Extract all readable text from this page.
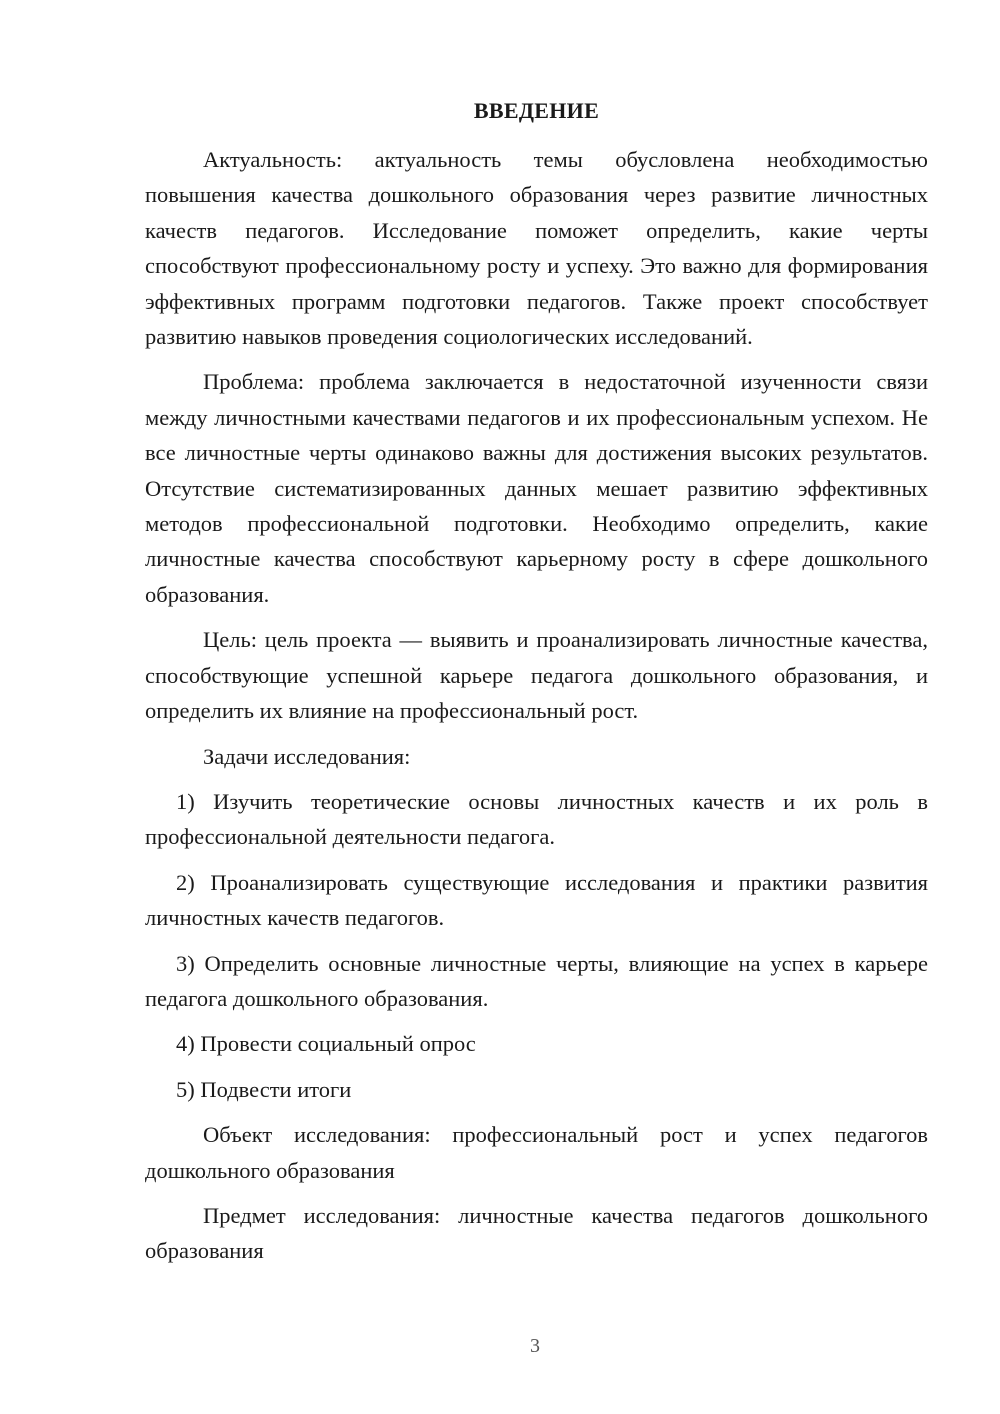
ВВЕДЕНИЕ

Актуальность: актуальность темы обусловлена необходимостью повышения качества дошкольного образования через развитие личностных качеств педагогов. Исследование поможет определить, какие черты способствуют профессиональному росту и успеху. Это важно для формирования эффективных программ подготовки педагогов. Также проект способствует развитию навыков проведения социологических исследований.

Проблема: проблема заключается в недостаточной изученности связи между личностными качествами педагогов и их профессиональным успехом. Не все личностные черты одинаково важны для достижения высоких результатов. Отсутствие систематизированных данных мешает развитию эффективных методов профессиональной подготовки. Необходимо определить, какие личностные качества способствуют карьерному росту в сфере дошкольного образования.

Цель: цель проекта — выявить и проанализировать личностные качества, способствующие успешной карьере педагога дошкольного образования, и определить их влияние на профессиональный рост.

Задачи исследования:

1) Изучить теоретические основы личностных качеств и их роль в профессиональной деятельности педагога.

2) Проанализировать существующие исследования и практики развития личностных качеств педагогов.

3) Определить основные личностные черты, влияющие на успех в карьере педагога дошкольного образования.

4) Провести социальный опрос

5) Подвести итоги

Объект исследования: профессиональный рост и успех педагогов дошкольного образования

Предмет исследования: личностные качества педагогов дошкольного образования

3
